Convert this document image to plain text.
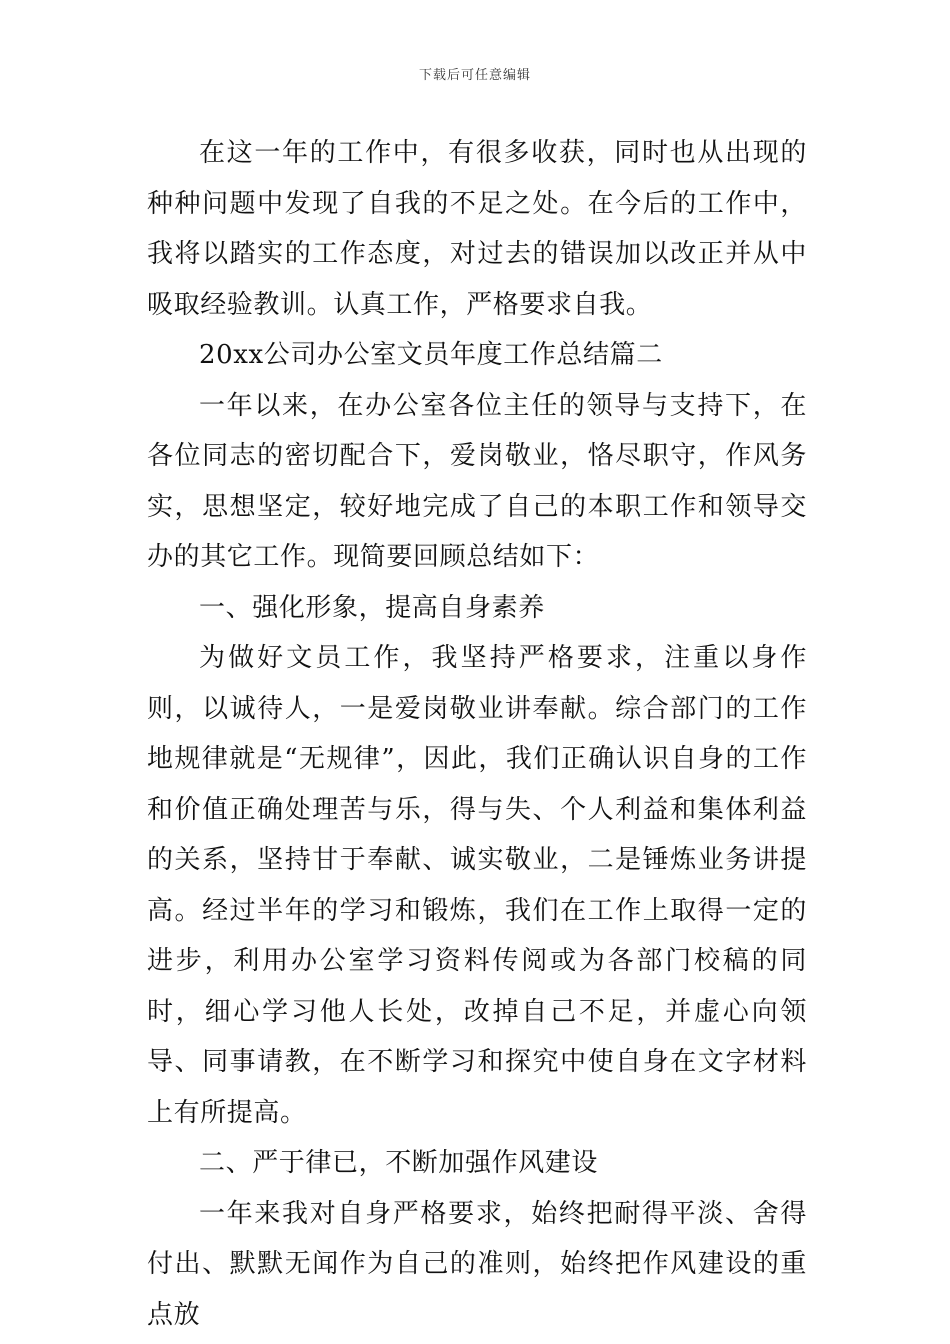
下载后可任意编辑

在这一年的工作中，有很多收获，同时也从出现的种种问题中发现了自我的不足之处。在今后的工作中，我将以踏实的工作态度，对过去的错误加以改正并从中吸取经验教训。认真工作，严格要求自我。

20xx公司办公室文员年度工作总结篇二

一年以来，在办公室各位主任的领导与支持下，在各位同志的密切配合下，爱岗敬业，恪尽职守，作风务实，思想坚定，较好地完成了自己的本职工作和领导交办的其它工作。现简要回顾总结如下：

一、强化形象，提高自身素养

为做好文员工作，我坚持严格要求，注重以身作则，以诚待人，一是爱岗敬业讲奉献。综合部门的工作地规律就是“无规律”，因此，我们正确认识自身的工作和价值正确处理苦与乐，得与失、个人利益和集体利益的关系，坚持甘于奉献、诚实敬业，二是锤炼业务讲提高。经过半年的学习和锻炼，我们在工作上取得一定的进步，利用办公室学习资料传阅或为各部门校稿的同时，细心学习他人长处，改掉自己不足，并虚心向领导、同事请教，在不断学习和探究中使自身在文字材料上有所提高。

二、严于律已，不断加强作风建设

一年来我对自身严格要求，始终把耐得平淡、舍得付出、默默无闻作为自己的准则，始终把作风建设的重点放
